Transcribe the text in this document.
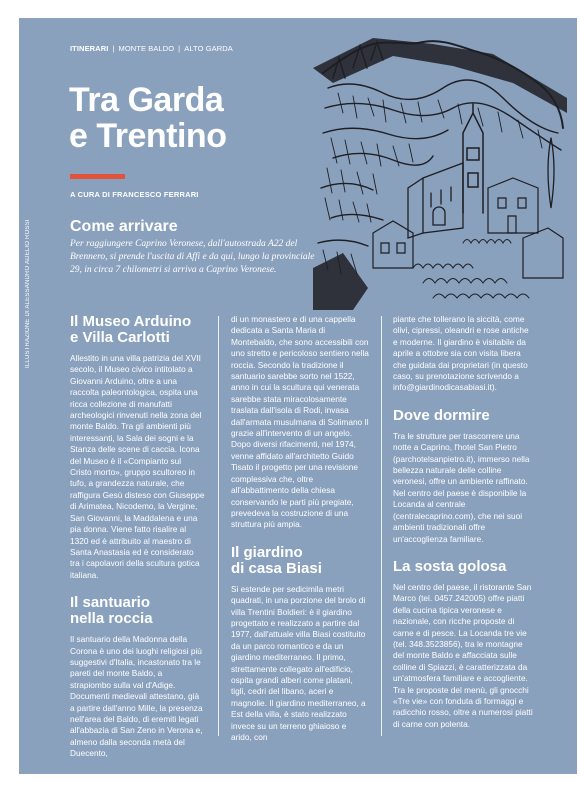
ITINERARI | MONTE BALDO | ALTO GARDA
Tra Garda
e Trentino
A CURA DI FRANCESCO FERRARI
ILLUSTRAZIONE DI ALESSANDRO ADELIO ROSSI Come arrivare
Per raggiungere Caprino Veronese, dall'autostrada A22 del Brennero, si prende l'uscita di Affi e da qui, lungo la provinciale 29, in circa 7 chilometri si arriva a Caprino Veronese.
Il Museo Arduino
e Villa Carlotti
Allestito in una villa patrizia del XVII secolo, il Museo civico intitolato a Giovanni Arduino, oltre a una raccolta paleontologica, ospita una ricca collezione di manufatti archeologici rinvenuti nella zona del monte Baldo. Tra gli ambienti più interessanti, la Sala dei sogni e la Stanza delle scene di caccia. Icona del Museo è il «Compianto sul Cristo morto», gruppo scultoreo in tufo, a grandezza naturale, che raffigura Gesù disteso con Giuseppe di Arimatea, Nicodemo, la Vergine, San Giovanni, la Maddalena e una pia donna. Viene fatto risalire al 1320 ed è attribuito al maestro di Santa Anastasia ed è considerato tra i capolavori della scultura gotica italiana.
Il santuario
nella roccia
Il santuario della Madonna della Corona è uno dei luoghi religiosi più suggestivi d'Italia, incastonato tra le pareti del monte Baldo, a strapiombo sulla val d'Adige. Documenti medievali attestano, già a partire dall'anno Mille, la presenza nell'area del Baldo, di eremiti legati all'abbazia di San Zeno in Verona e, almeno dalla seconda metà del Duecento,
di un monastero e di una cappella dedicata a Santa Maria di Montebaldo, che sono accessibili con uno stretto e pericoloso sentiero nella roccia. Secondo la tradizione il santuario sarebbe sorto nel 1522, anno in cui la scultura qui venerata sarebbe stata miracolosamente traslata dall'isola di Rodi, invasa dall'armata musulmana di Solimano Il grazie all'intervento di un angelo. Dopo diversi rifacimenti, nel 1974, venne affidato all'architetto Guido Tisato il progetto per una revisione complessiva che, oltre all'abbattimento della chiesa conservando le parti più pregiate, prevedeva la costruzione di una struttura più ampia.
Il giardino
di casa Biasi
Si estende per sedicimila metri quadrati, in una porzione del brolo di villa Trentini Boldieri: è il giardino progettato e realizzato a partire dal 1977, dall'attuale villa Biasi costituito da un parco romantico e da un giardino mediterraneo. Il primo, strettamente collegato all'edificio, ospita grandi alberi come platani, tigli, cedri del libano, aceri e magnolie. Il giardino mediterraneo, a Est della villa, è stato realizzato invece su un terreno ghiaioso e arido, con
piante che tollerano la siccità, come olivi, cipressi, oleandri e rose antiche e moderne. Il giardino è visitabile da aprile a ottobre sia con visita libera che guidata dai proprietari (in questo caso, su prenotazione scrivendo a info@giardinodicasabiasi.it).
Dove dormire
Tra le strutture per trascorrere una notte a Caprino, l'hotel San Pietro (parchotelsanpietro.it), immerso nella bellezza naturale delle colline veronesi, offre un ambiente raffinato. Nel centro del paese è disponibile la Locanda al centrale (centralecaprino.com), che nei suoi ambienti tradizionali offre un'accoglienza familiare.
La sosta golosa
Nel centro del paese, il ristorante San Marco (tel. 0457.242005) offre piatti della cucina tipica veronese e nazionale, con ricche proposte di carne e di pesce. La Locanda tre vie (tel. 348.3523856), tra le montagne del monte Baldo e affacciata sulle colline di Spiazzi, è caratterizzata da un'atmosfera familiare e accogliente. Tra le proposte del menù, gli gnocchi «Tre vie» con fonduta di formaggi e radicchio rosso, oltre a numerosi piatti di carne con polenta.
